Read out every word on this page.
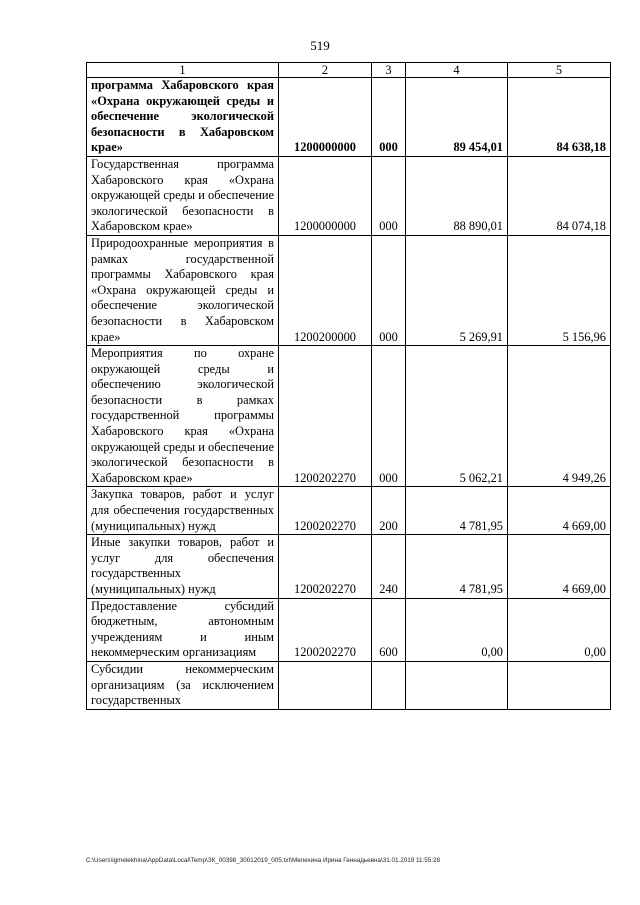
519
1	2	3	4	5
программа Хабаровского края «Охрана окружающей среды и обеспечение экологической безопасности в Хабаровском крае»	1200000000	000	89 454,01	84 638,18
Государственная программа Хабаровского края «Охрана окружающей среды и обеспечение экологической безопасности в Хабаровском крае»	1200000000	000	88 890,01	84 074,18
Природоохранные мероприятия в рамках государственной программы Хабаровского края «Охрана окружающей среды и обеспечение экологической безопасности в Хабаровском крае»	1200200000	000	5 269,91	5 156,96
Мероприятия по охране окружающей среды и обеспечению экологической безопасности в рамках государственной программы Хабаровского края «Охрана окружающей среды и обеспечение экологической безопасности в Хабаровском крае»	1200202270	000	5 062,21	4 949,26
Закупка товаров, работ и услуг для обеспечения государственных (муниципальных) нужд	1200202270	200	4 781,95	4 669,00
Иные закупки товаров, работ и услуг для обеспечения государственных (муниципальных) нужд	1200202270	240	4 781,95	4 669,00
Предоставление субсидий бюджетным, автономным учреждениям и иным некоммерческим организациям	1200202270	600	0,00	0,00
Субсидии некоммерческим организациям (за исключением государственных				
C:\Users\igmelekhina\AppData\Local\Temp\ЗК_00398_30012019_005.txt\Мелехина Ирина Геннадьевна\31.01.2019 11:55:28
